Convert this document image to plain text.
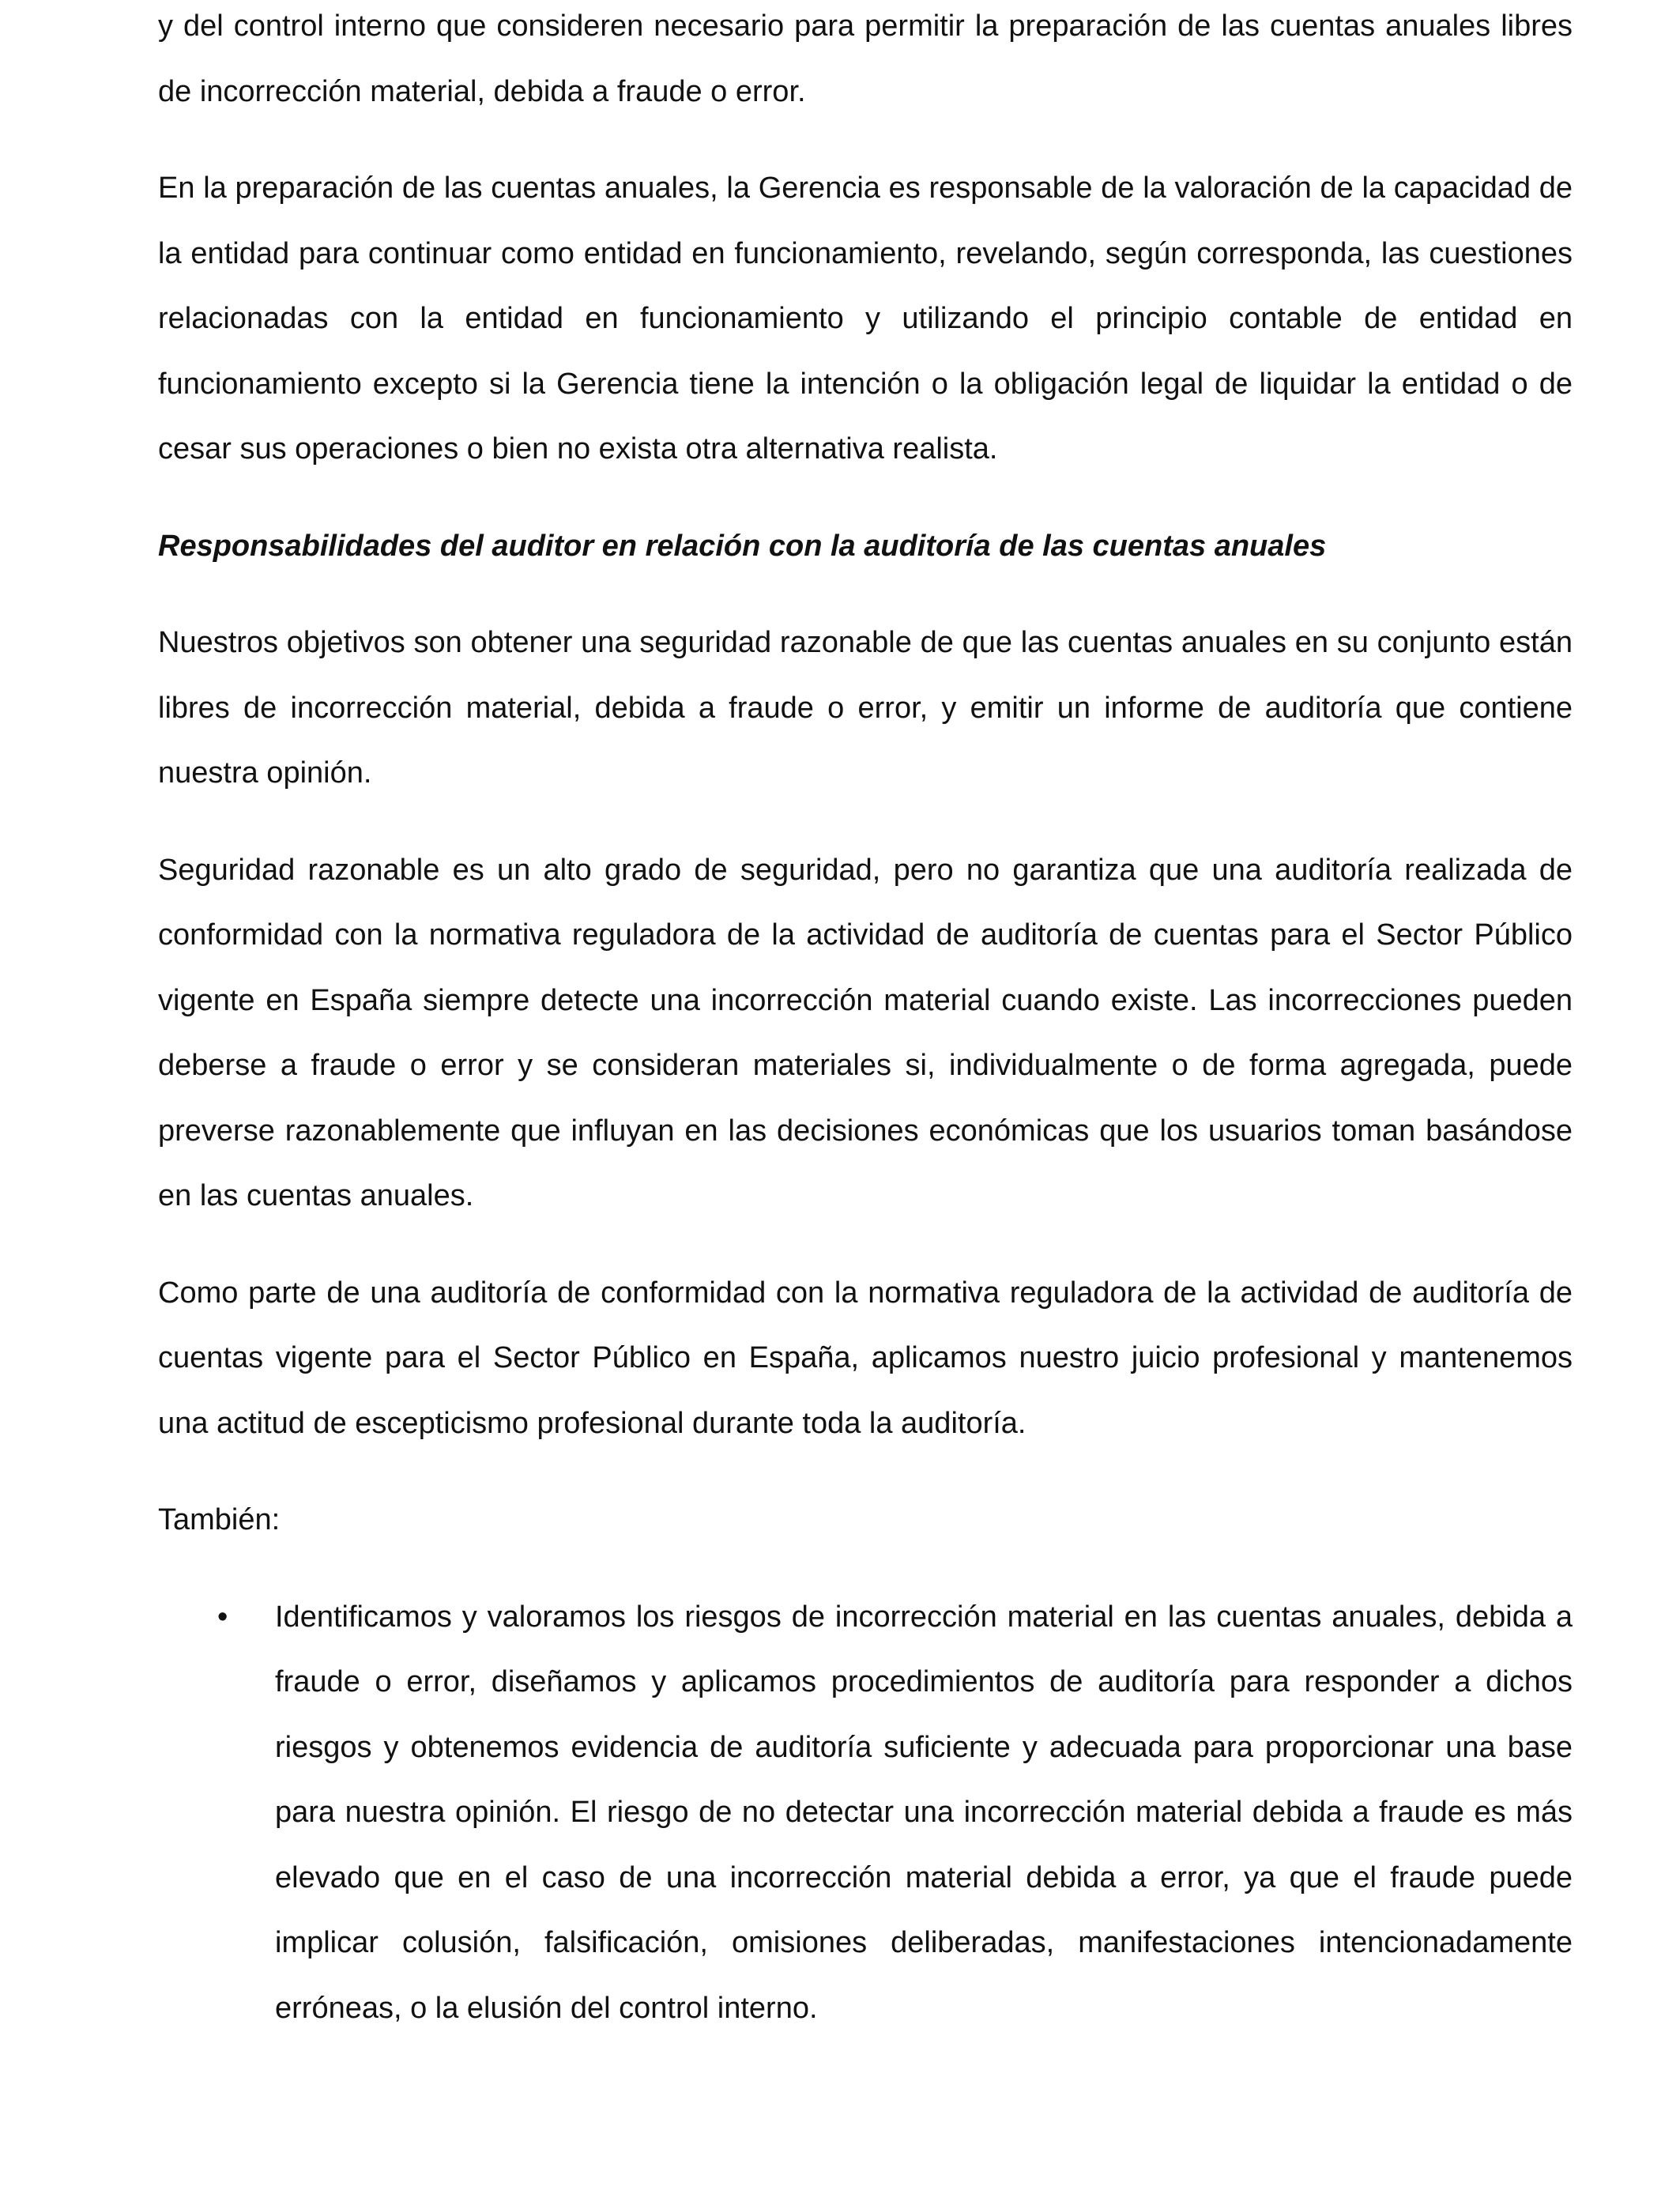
y del control interno que consideren necesario para permitir la preparación de las cuentas anuales libres de incorrección material, debida a fraude o error.

En la preparación de las cuentas anuales, la Gerencia es responsable de la valoración de la capacidad de la entidad para continuar como entidad en funcionamiento, revelando, según corresponda, las cuestiones relacionadas con la entidad en funcionamiento y utilizando el principio contable de entidad en funcionamiento excepto si la Gerencia tiene la intención o la obligación legal de liquidar la entidad o de cesar sus operaciones o bien no exista otra alternativa realista.

Responsabilidades del auditor en relación con la auditoría de las cuentas anuales

Nuestros objetivos son obtener una seguridad razonable de que las cuentas anuales en su conjunto están libres de incorrección material, debida a fraude o error, y emitir un informe de auditoría que contiene nuestra opinión.

Seguridad razonable es un alto grado de seguridad, pero no garantiza que una auditoría realizada de conformidad con la normativa reguladora de la actividad de auditoría de cuentas para el Sector Público vigente en España siempre detecte una incorrección material cuando existe. Las incorrecciones pueden deberse a fraude o error y se consideran materiales si, individualmente o de forma agregada, puede preverse razonablemente que influyan en las decisiones económicas que los usuarios toman basándose en las cuentas anuales.

Como parte de una auditoría de conformidad con la normativa reguladora de la actividad de auditoría de cuentas vigente para el Sector Público en España, aplicamos nuestro juicio profesional y mantenemos una actitud de escepticismo profesional durante toda la auditoría.

También:

• Identificamos y valoramos los riesgos de incorrección material en las cuentas anuales, debida a fraude o error, diseñamos y aplicamos procedimientos de auditoría para responder a dichos riesgos y obtenemos evidencia de auditoría suficiente y adecuada para proporcionar una base para nuestra opinión. El riesgo de no detectar una incorrección material debida a fraude es más elevado que en el caso de una incorrección material debida a error, ya que el fraude puede implicar colusión, falsificación, omisiones deliberadas, manifestaciones intencionadamente erróneas, o la elusión del control interno.
